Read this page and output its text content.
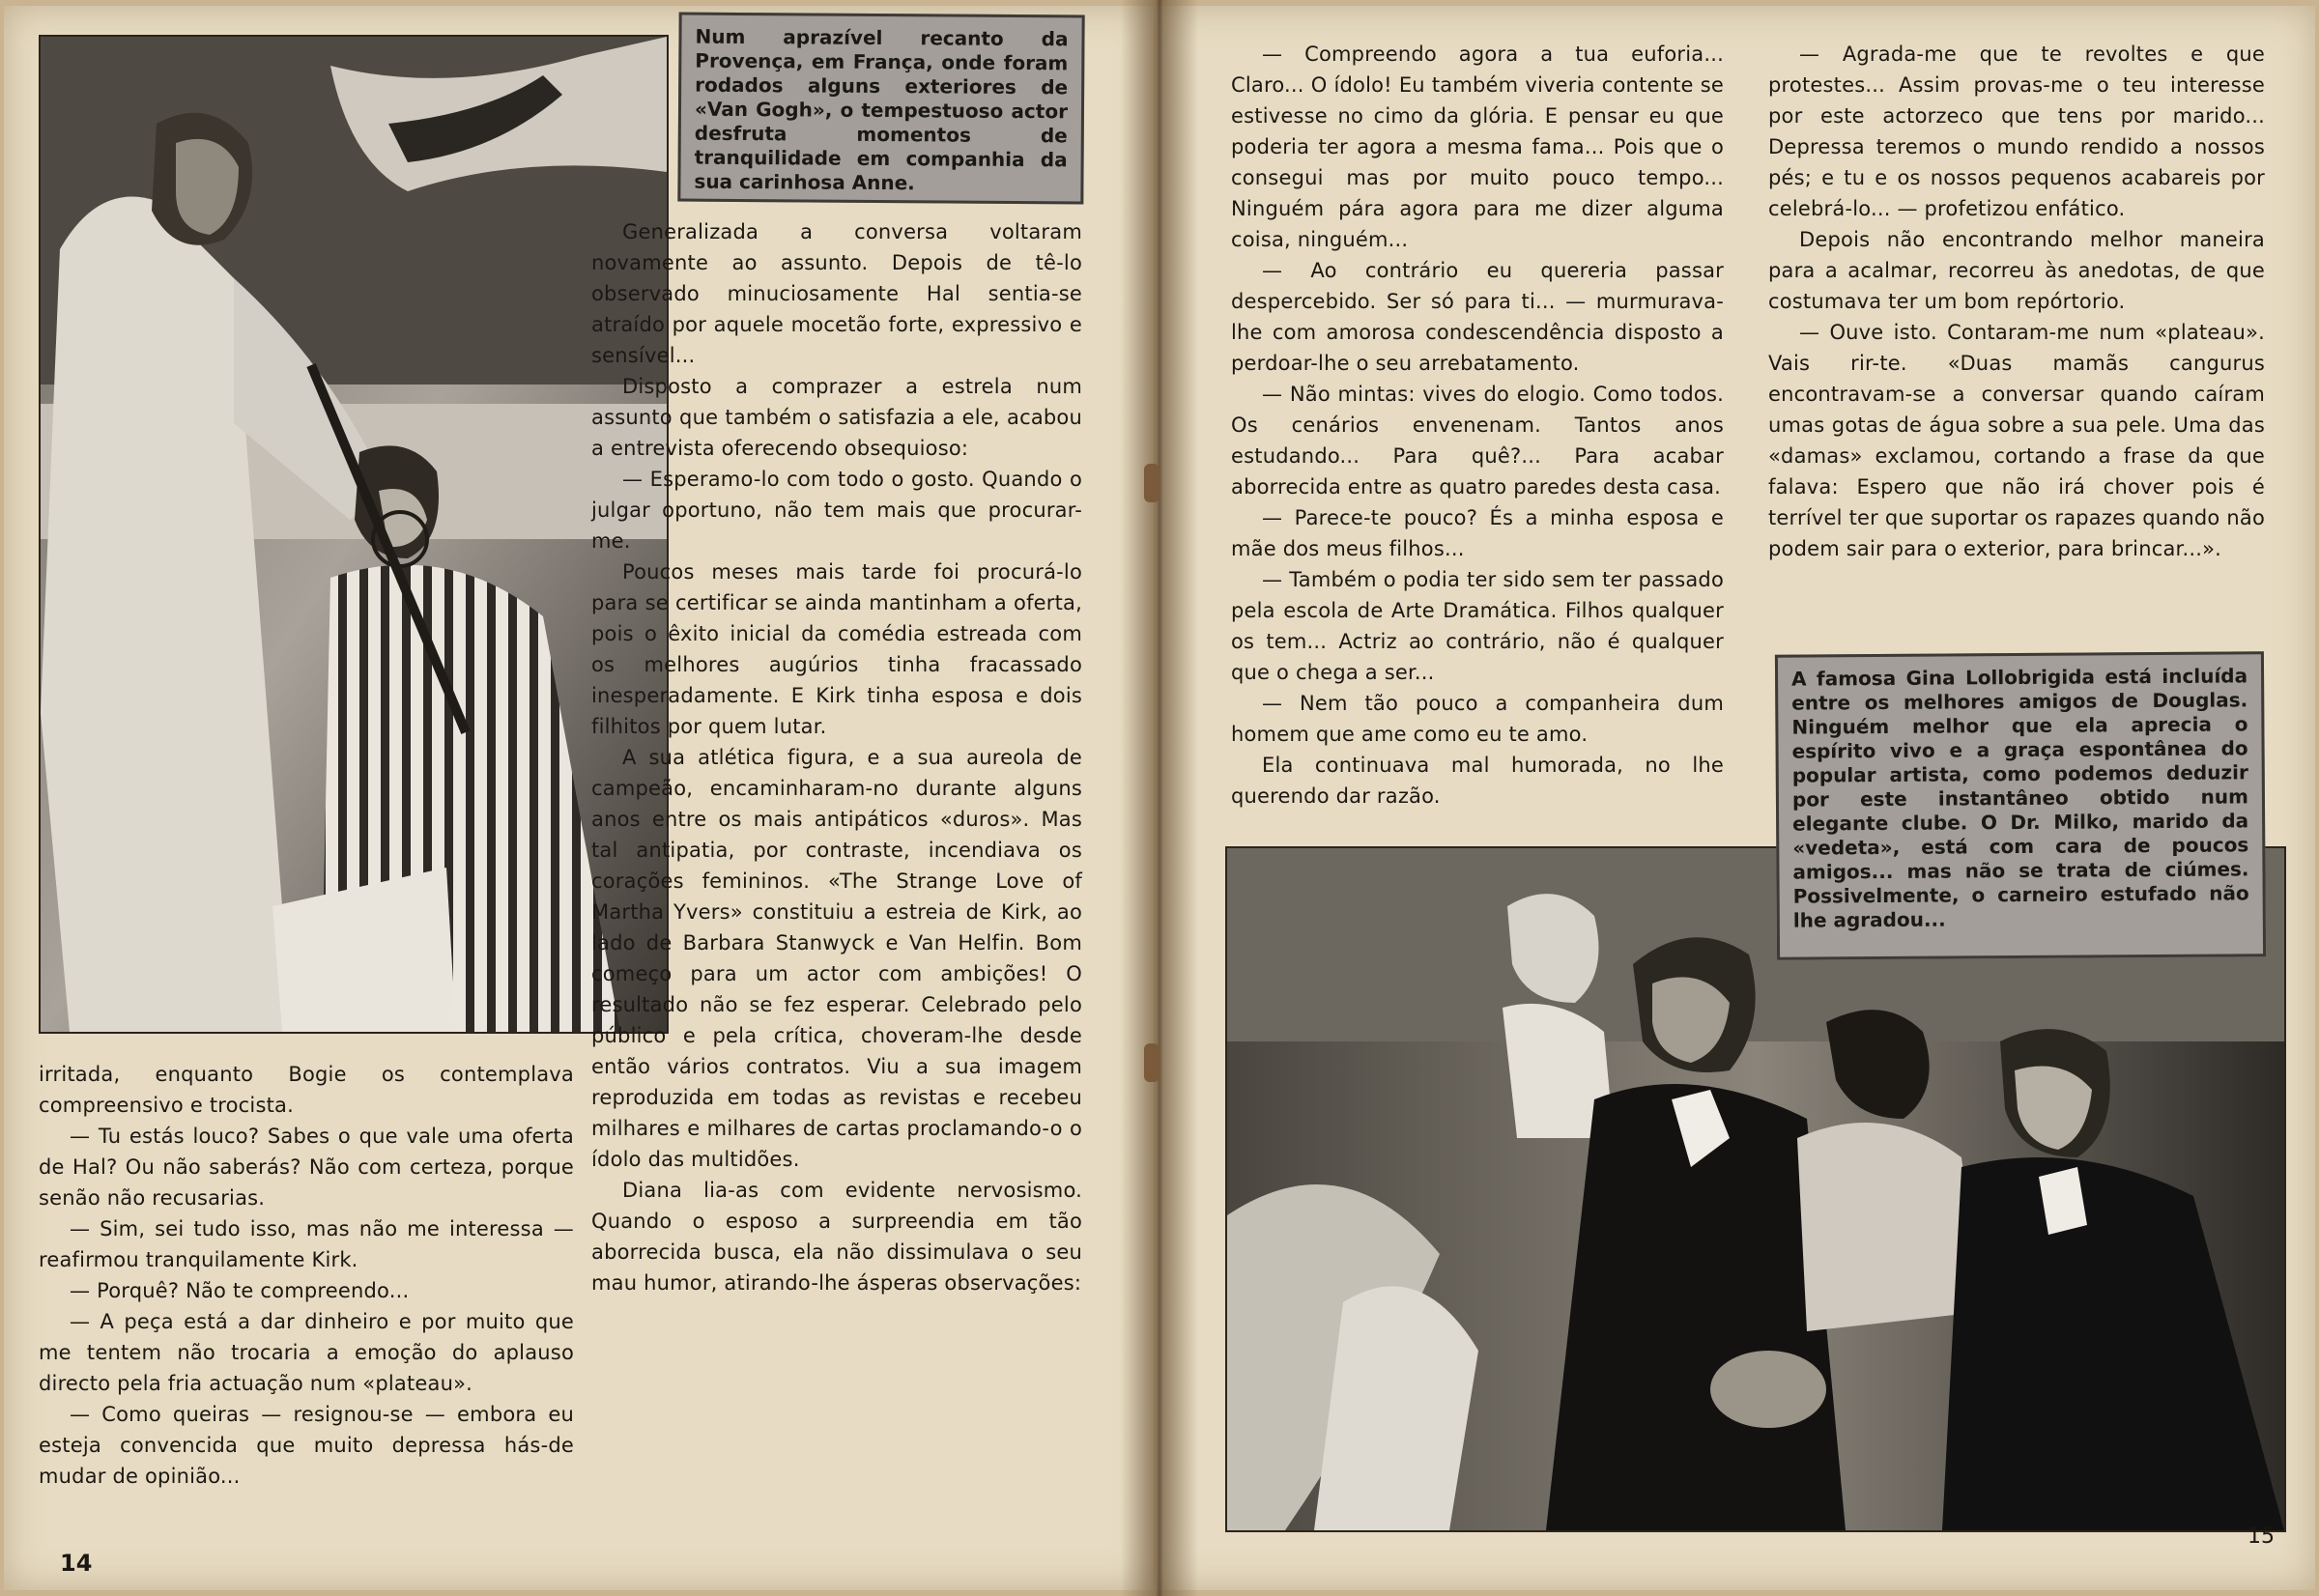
Num aprazível recanto da Provença, em França, onde foram rodados alguns exteriores de «Van Gogh», o tempestuoso actor desfruta momentos de tranquilidade em companhia da sua carinhosa Anne.

irritada, enquanto Bogie os contemplava compreensivo e trocista.

— Tu estás louco? Sabes o que vale uma oferta de Hal? Ou não saberás? Não com certeza, porque senão não recusarias.

— Sim, sei tudo isso, mas não me interessa — reafirmou tranquilamente Kirk.

— Porquê? Não te compreendo...

— A peça está a dar dinheiro e por muito que me tentem não trocaria a emoção do aplauso directo pela fria actuação num «plateau».

— Como queiras — resignou-se — embora eu esteja convencida que muito depressa hás-de mudar de opinião...

Generalizada a conversa voltaram novamente ao assunto. Depois de tê-lo observado minuciosamente Hal sentia-se atraído por aquele mocetão forte, expressivo e sensível...

Disposto a comprazer a estrela num assunto que também o satisfazia a ele, acabou a entrevista oferecendo obsequioso:

— Esperamo-lo com todo o gosto. Quando o julgar oportuno, não tem mais que procurar-me.

Poucos meses mais tarde foi procurá-lo para se certificar se ainda mantinham a oferta, pois o êxito inicial da comédia estreada com os melhores augúrios tinha fracassado inesperadamente. E Kirk tinha esposa e dois filhitos por quem lutar.

A sua atlética figura, e a sua aureola de campeão, encaminharam-no durante alguns anos entre os mais antipáticos «duros». Mas tal antipatia, por contraste, incendiava os corações femininos. «The Strange Love of Martha Yvers» constituiu a estreia de Kirk, ao lado de Barbara Stanwyck e Van Helfin. Bom começo para um actor com ambições! O resultado não se fez esperar. Celebrado pelo público e pela crítica, choveram-lhe desde então vários contratos. Viu a sua imagem reproduzida em todas as revistas e recebeu milhares e milhares de cartas proclamando-o o ídolo das multidões.

Diana lia-as com evidente nervosismo. Quando o esposo a surpreendia em tão aborrecida busca, ela não dissimulava o seu mau humor, atirando-lhe ásperas observações:

14

— Compreendo agora a tua euforia... Claro... O ídolo! Eu também viveria contente se estivesse no cimo da glória. E pensar eu que poderia ter agora a mesma fama... Pois que o consegui mas por muito pouco tempo... Ninguém pára agora para me dizer alguma coisa, ninguém...

— Ao contrário eu quereria passar despercebido. Ser só para ti... — murmurava-lhe com amorosa condescendência disposto a perdoar-lhe o seu arrebatamento.

— Não mintas: vives do elogio. Como todos. Os cenários envenenam. Tantos anos estudando... Para quê?... Para acabar aborrecida entre as quatro paredes desta casa.

— Parece-te pouco? És a minha esposa e mãe dos meus filhos...

— Também o podia ter sido sem ter passado pela escola de Arte Dramática. Filhos qualquer os tem... Actriz ao contrário, não é qualquer que o chega a ser...

— Nem tão pouco a companheira dum homem que ame como eu te amo.

Ela continuava mal humorada, no lhe querendo dar razão.

— Agrada-me que te revoltes e que protestes... Assim provas-me o teu interesse por este actorzeco que tens por marido... Depressa teremos o mundo rendido a nossos pés; e tu e os nossos pequenos acabareis por celebrá-lo... — profetizou enfático.

Depois não encontrando melhor maneira para a acalmar, recorreu às anedotas, de que costumava ter um bom repórtorio.

— Ouve isto. Contaram-me num «plateau». Vais rir-te. «Duas mamãs cangurus encontravam-se a conversar quando caíram umas gotas de água sobre a sua pele. Uma das «damas» exclamou, cortando a frase da que falava: Espero que não irá chover pois é terrível ter que suportar os rapazes quando não podem sair para o exterior, para brincar...».

A famosa Gina Lollobrigida está incluída entre os melhores amigos de Douglas. Ninguém melhor que ela aprecia o espírito vivo e a graça espontânea do popular artista, como podemos deduzir por este instantâneo obtido num elegante clube. O Dr. Milko, marido da «vedeta», está com cara de poucos amigos... mas não se trata de ciúmes. Possivelmente, o carneiro estufado não lhe agradou...
15
